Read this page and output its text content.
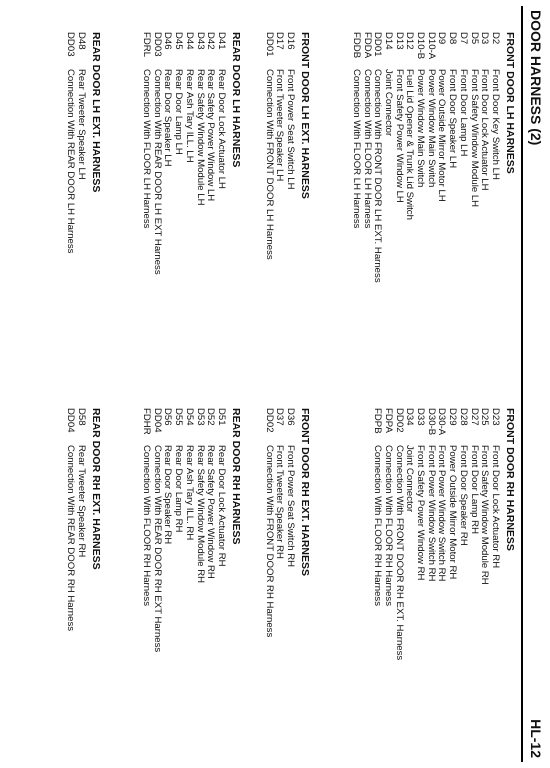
DOOR HARNESS (2)
HL-12
FRONT DOOR LH HARNESS
D2
Front Door Key Switch LH
D3
Front Door Lock Actuator LH
D5
Front Safety Window Module LH
D7
Front Door Lamp LH
D8
Front Door Speaker LH
D9
Power Outside Mirror Motor LH
D10-A
Power Window Main Switch
D10-B
Power Window Main Switch
D12
Fuel Lid Opener & Trunk Lid Switch
D13
Front Safety Power Window LH
D14
Joint Connector
DD01
Connection With FRONT DOOR LH EXT. Harness
FDDA
Connection With FLOOR LH Harness
FDDB
Connection With FLOOR LH Harness
FRONT DOOR LH EXT. HARNESS
D16
Front Power Seat Switch LH
D17
Front Tweeter Speaker LH
DD01
Connection With FRONT DOOR LH Harness
REAR DOOR LH HARNESS
D41
Rear Door Lock Actuator LH
D42
Rear Safety Power Window LH
D43
Rear Safety Window Module LH
D44
Rear Ash Tary ILL. LH
D45
Rear Door Lamp LH
D46
Rear Door Speaker LH
DD03
Connection With REAR DOOR LH EXT Harness
FDRL
Connection With FLOOR LH Harness
REAR DOOR LH EXT. HARNESS
D48
Rear Tweeter Speaker LH
DD03
Connection With REAR DOOR LH Harness
FRONT DOOR RH HARNESS
D23
Front Door Lock Actuator RH
D25
Front Safety Window Module RH
D27
Front Door Lamp RH
D28
Front Door Speaker RH
D29
Power Outside Mirror Motor RH
D30-A
Front Power Window Switch RH
D30-B
Front Power Window Switch RH
D33
Front Safety Power Window RH
D34
Joint Connector
DD02
Connection With FRONT DOOR RH EXT. Harness
FDPA
Connection With FLOOR RH Harness
FDPB
Connection With FLOOR RH Harness
FRONT DOOR RH EXT. HARNESS
D36
Front Power Seat Switch RH
D37
Front Tweeter Speaker RH
DD02
Connection With FRONT DOOR RH Harness
REAR DOOR RH HARNESS
D51
Rear Door Lock Actuator RH
D52
Rear Safety Power Window RH
D53
Rear Safety Window Module RH
D54
Rear Ash Tary ILL. RH
D55
Rear Door Lamp RH
D56
Rear Door Speaker RH
DD04
Connection With REAR DOOR RH EXT Harness
FDHR
Connection With FLOOR RH Harness
REAR DOOR RH EXT. HARNESS
D58
Rear Tweeter Speaker RH
DD04
Connection With REAR DOOR RH Harness
